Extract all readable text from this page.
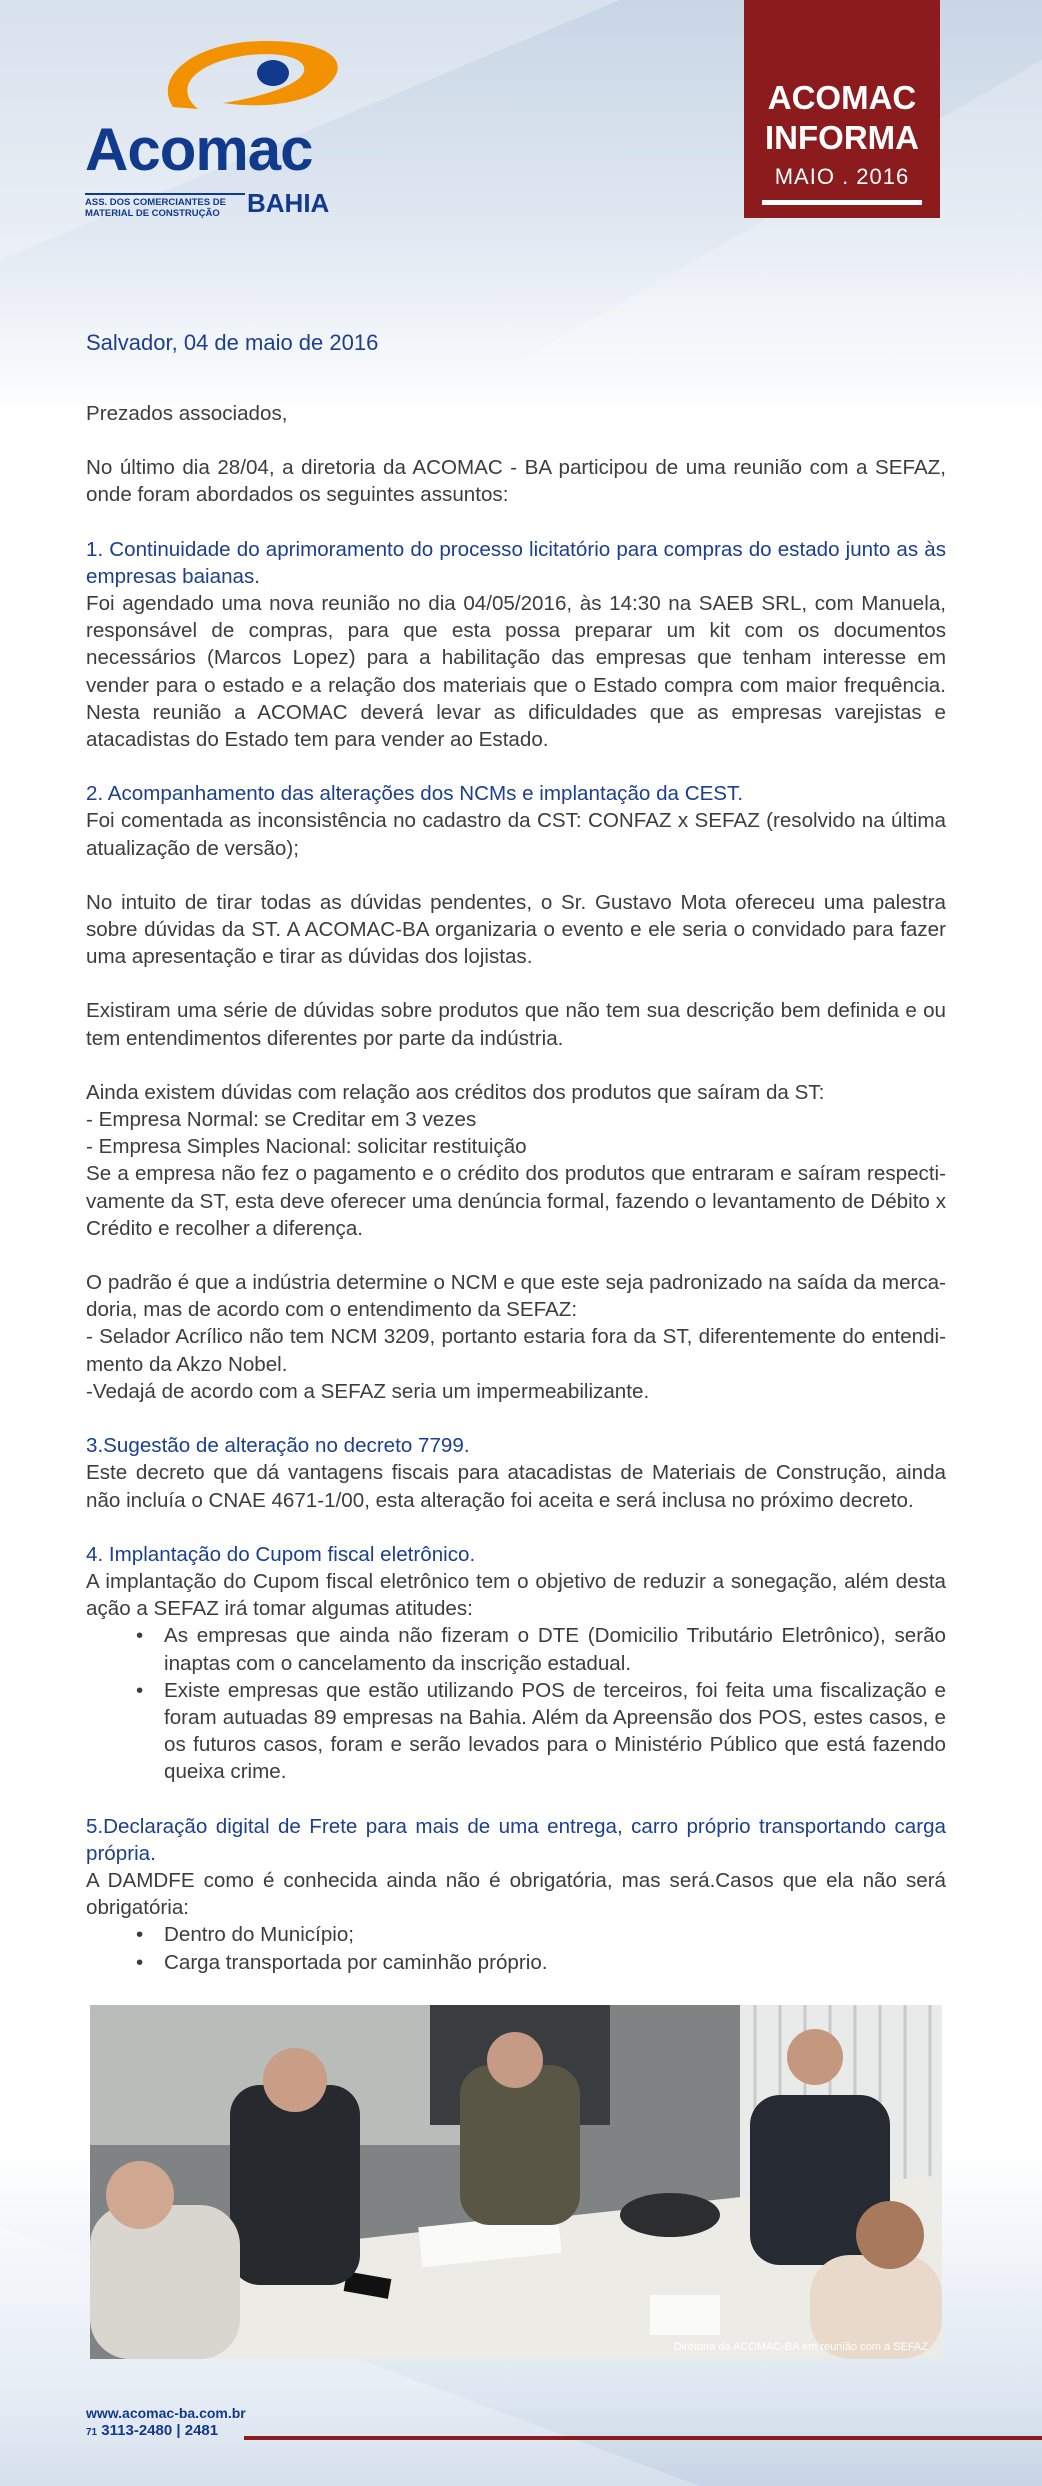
Acomac
ASS. DOS COMERCIANTES DE MATERIAL DE CONSTRUÇÃO	BAHIA
ACOMAC
INFORMA
MAIO . 2016
Salvador, 04 de maio de 2016

Prezados associados,

No último dia 28/04, a diretoria da ACOMAC - BA participou de uma reunião com a SEFAZ, onde foram abordados os seguintes assuntos:

1. Continuidade do aprimoramento do processo licitatório para compras do estado junto as às empresas baianas.

Foi agendado uma nova reunião no dia 04/05/2016, às 14:30 na SAEB SRL, com Manuela, responsável de compras, para que esta possa preparar um kit com os documentos necessários (Marcos Lopez) para a habilitação das empresas que tenham interesse em vender para o estado e a relação dos materiais que o Estado compra com maior frequência. Nesta reunião a ACOMAC deverá levar as dificuldades que as empresas varejistas e atacadistas do Estado tem para vender ao Estado.

2. Acompanhamento das alterações dos NCMs e implantação da CEST.

Foi comentada as inconsistência no cadastro da CST: CONFAZ x SEFAZ (resolvido na última atualização de versão);

No intuito de tirar todas as dúvidas pendentes, o Sr. Gustavo Mota ofereceu uma palestra sobre dúvidas da ST. A ACOMAC-BA organizaria o evento e ele seria o convidado para fazer uma apresentação e tirar as dúvidas dos lojistas.

Existiram uma série de dúvidas sobre produtos que não tem sua descrição bem definida e ou tem entendimentos diferentes por parte da indústria.

Ainda existem dúvidas com relação aos créditos dos produtos que saíram da ST:

- Empresa Normal: se Creditar em 3 vezes

- Empresa Simples Nacional: solicitar restituição

Se a empresa não fez o pagamento e o crédito dos produtos que entraram e saíram respecti-vamente da ST, esta deve oferecer uma denúncia formal, fazendo o levantamento de Débito x Crédito e recolher a diferença.

O padrão é que a indústria determine o NCM e que este seja padronizado na saída da merca-doria, mas de acordo com o entendimento da SEFAZ:

- Selador Acrílico não tem NCM 3209, portanto estaria fora da ST, diferentemente do entendi-mento da Akzo Nobel.

-Vedajá de acordo com a SEFAZ seria um impermeabilizante.

3.Sugestão de alteração no decreto 7799.

Este decreto que dá vantagens fiscais para atacadistas de Materiais de Construção, ainda não incluía o CNAE 4671-1/00, esta alteração foi aceita e será inclusa no próximo decreto.

4. Implantação do Cupom fiscal eletrônico.

A implantação do Cupom fiscal eletrônico tem o objetivo de reduzir a sonegação, além desta ação a SEFAZ irá tomar algumas atitudes:

• As empresas que ainda não fizeram o DTE (Domicilio Tributário Eletrônico), serão inaptas com o cancelamento da inscrição estadual.
• Existe empresas que estão utilizando POS de terceiros, foi feita uma fiscalização e foram autuadas 89 empresas na Bahia. Além da Apreensão dos POS, estes casos, e os futuros casos, foram e serão levados para o Ministério Público que está fazendo queixa crime.

5.Declaração digital de Frete para mais de uma entrega, carro próprio transportando carga própria.

A DAMDFE como é conhecida ainda não é obrigatória, mas será.Casos que ela não será obrigatória:

• Dentro do Município;
• Carga transportada por caminhão próprio.
Diretoria da ACOMAC-BA em reunião com a SEFAZ
www.acomac-ba.com.br
71 3113-2480 | 2481
